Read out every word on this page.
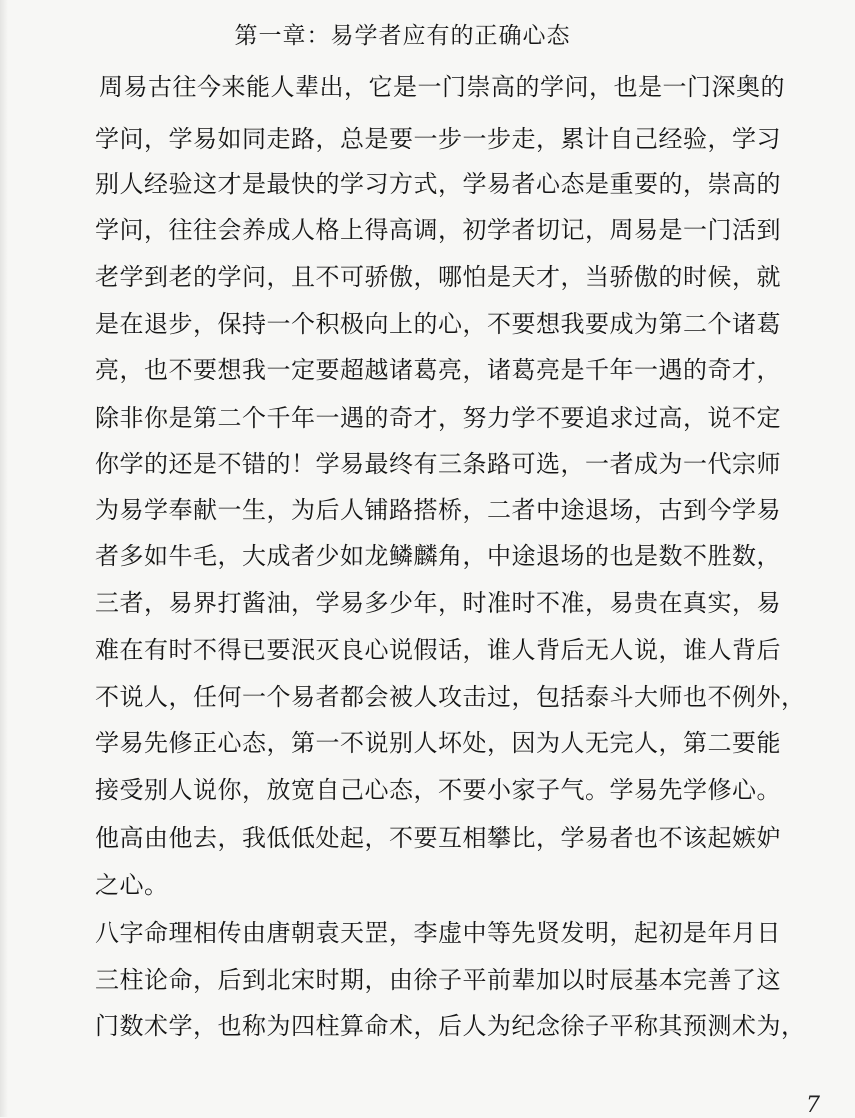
第一章：易学者应有的正确心态
周易古往今来能人辈出，它是一门崇高的学问，也是一门深奥的
学问，学易如同走路，总是要一步一步走，累计自己经验，学习
别人经验这才是最快的学习方式，学易者心态是重要的，崇高的
学问，往往会养成人格上得高调，初学者切记，周易是一门活到
老学到老的学问，且不可骄傲，哪怕是天才，当骄傲的时候，就
是在退步，保持一个积极向上的心，不要想我要成为第二个诸葛
亮，也不要想我一定要超越诸葛亮，诸葛亮是千年一遇的奇才，
除非你是第二个千年一遇的奇才，努力学不要追求过高，说不定
你学的还是不错的！学易最终有三条路可选，一者成为一代宗师
为易学奉献一生，为后人铺路搭桥，二者中途退场，古到今学易
者多如牛毛，大成者少如龙鳞麟角，中途退场的也是数不胜数，
三者，易界打酱油，学易多少年，时准时不准，易贵在真实，易
难在有时不得已要泯灭良心说假话，谁人背后无人说，谁人背后
不说人，任何一个易者都会被人攻击过，包括泰斗大师也不例外，
学易先修正心态，第一不说别人坏处，因为人无完人，第二要能
接受别人说你，放宽自己心态，不要小家子气。学易先学修心。
他高由他去，我低低处起，不要互相攀比，学易者也不该起嫉妒
之心。
八字命理相传由唐朝袁天罡，李虚中等先贤发明，起初是年月日
三柱论命，后到北宋时期，由徐子平前辈加以时辰基本完善了这
门数术学，也称为四柱算命术，后人为纪念徐子平称其预测术为，
7
